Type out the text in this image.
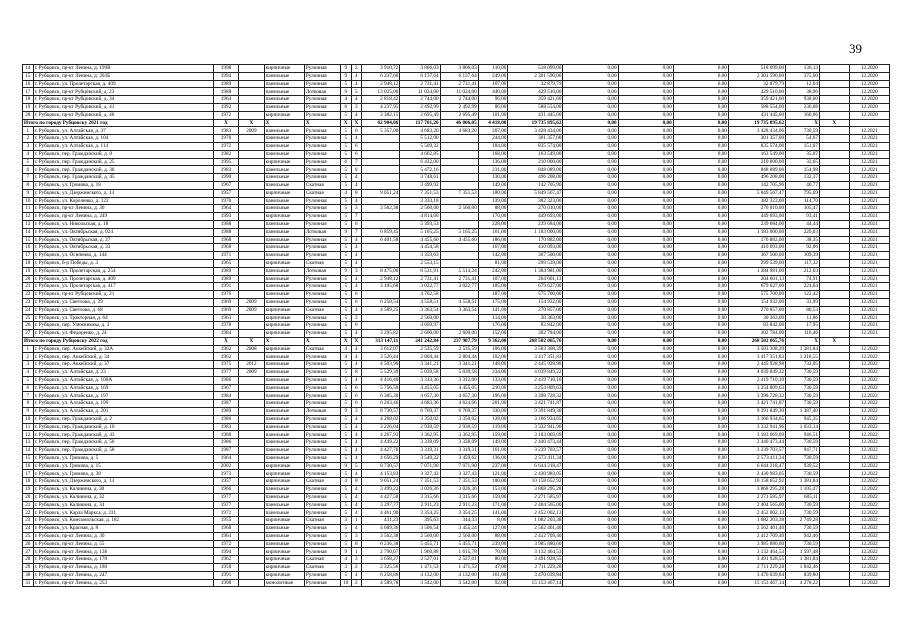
39
14	г. Рубцовск, пр-кт Ленина, д. 199В	1998		кирпичные	Рулонная	9	2	3 910,72	3 806,03	3 806,03	110,00	518 099,00	0,00	0,00	0,00	518 099,00	136,13		12.2020
15	г. Рубцовск, пр-кт Ленина, д. 203Б	1994		панельные	Рулонная	9	4	6 237,60	6 137,64	6 137,64	249,00	2 301 590,00	0,00	0,00	0,00	2 301 590,00	375,00		12.2020
16	г. Рубцовск, ул. Пролетарская, д. 409	1989		панельные	Рулонная	5	4	2 948,12	2 731,41	2 731,41	107,00	32 879,79	0,00	0,00	0,00	32 879,79	12,04		12.2020
17	г. Рубцовск, пр-кт Рубцовский, д. 23	1988		панельные	Лотковая	9	5	13 025,00	11 024,00	11 024,00	440,00	429 510,00	0,00	0,00	0,00	429 510,00	38,96		12.2020
18	г. Рубцовск, пр-кт Рубцовский, д. 34	1964		панельные	Рулонная	4	4	2 818,42	2 744,00	2 744,00	96,00	359 421,60	0,00	0,00	0,00	359 421,60	938,00		12.2020
19	г. Рубцовск, пр-кт Рубцовский, д. 41	1992		панельные	Рулонная	6	3	4 237,95	2 492,99	2 492,99	86,00	588 554,00	0,00	0,00	0,00	588 554,00	236,08		12.2020
20	г. Рубцовск, пр-кт Рубцовский, д. 46	1972		кирпичные	Рулонная	5	4	3 382,15	2 695,49	2 695,49	101,00	431 445,00	0,00	0,00	0,00	431 445,00	160,06		12.2020
Итого по городу Рубцовску 2021 год		X	X	X	X	X	X	62 904,06	117 701,20	46 006,05	4 418,00	19 735 895,62	0,00	0,00	0,00	19 735 895,62	X	X	
1	г. Рубцовск, ул. Алтайская, д. 37	1983	2009	панельные	Рулонная	5	6	5 357,00	4 683,20	4 683,20	207,00	3 428 434,06	0,00	0,00	0,00	3 428 434,06	730,59		12.2021
2	г. Рубцовск, ул. Алтайская, д. 104	1970		панельные	Рулонная	5	4		5 512,00		244,00	301 357,00	0,00	0,00	0,00	301 357,00	54,67		12.2021
3	г. Рубцовск, ул. Алтайская, д. 114	1972		панельные	Рулонная	5	6		5 509,32		184,00	835 574,00	0,00	0,00	0,00	835 574,00	151,67		12.2021
4	г. Рубцовск, пер. Гражданский, д. 8	1982		панельные	Рулонная	5	6		4 662,85		168,00	163 549,00	0,00	0,00	0,00	163 549,00	35,07		12.2021
5	г. Рубцовск, пер. Гражданский, д. 25	1995		кирпичные	Рулонная	6	7		6 432,00		136,00	210 000,00	0,00	0,00	0,00	210 000,00	32,65		12.2021
6	г. Рубцовск, пер. Гражданский, д. 36	1983		панельные	Рулонная	5	8		5 472,16		231,00	848 089,00	0,00	0,00	0,00	848 089,00	154,98		12.2021
7	г. Рубцовск, пер. Гражданский, д. 45	1990		панельные	Рулонная	5	4		3 748,61		130,00	496 208,00	0,00	0,00	0,00	496 208,00	132,37		12.2021
8	г. Рубцовск, ул. Громова, д. 18	1967		панельные	Скатная	5	4		3 499,92		149,00	142 705,96	0,00	0,00	0,00	142 705,96	40,77		12.2021
9	г. Рубцовск, ул. Дзержинского, д. 13	1957		кирпичные	Скатная	4	8	9 051,24	7 351,53	7 351,53	180,00	5 849 567,47	0,00	0,00	0,00	5 849 567,47	795,69		12.2021
10	г. Рубцовск, ул. Короленко, д. 122	1976		панельные	Рулонная	5	4		3 333,18		139,00	382 323,00	0,00	0,00	0,00	382 323,00	114,70		12.2021
11	г. Рубцовск, пр-кт Ленина, д. 30	1964		панельные	Рулонная	5	3	3 562,38	2 560,00	2 560,00	88,00	270 010,00	0,00	0,00	0,00	270 010,00	105,47		12.2021
12	г. Рубцовск, пр-кт Ленина, д. 249	1993		кирпичные	Рулонная	5	7		4 814,00		170,00	449 693,00	0,00	0,00	0,00	449 693,00	93,41		12.2021
13	г. Рубцовск, ул. Никольская, д. 18	1988		панельные	Рулонная	5	6		5 393,53		228,00	239 684,00	0,00	0,00	0,00	239 684,00	44,44		12.2021
14	г. Рубцовск, ул. Октябрьская, д. 024	1988		панельные	Лотковая	9	7	6 859,45	5 165,25	5 165,25	161,00	1 183 000,00	0,00	0,00	0,00	1 183 000,00	229,03		12.2021
15	г. Рубцовск, ул. Октябрьская, д. 27	1968		панельные	Рулонная	5	4	6 401,58	4 455,60	4 455,60	186,00	170 882,00	0,00	0,00	0,00	170 882,00	38,35		12.2021
16	г. Рубцовск, ул. Октябрьская, д. 33	1968		панельные	Рулонная	5	4		4 454,58		167,00	410 093,00	0,00	0,00	0,00	410 093,00	92,06		12.2021
17	г. Рубцовск, ул. Осипенко, д. 144	1971		панельные	Рулонная	5	4		3 359,63		142,00	367 500,00	0,00	0,00	0,00	367 500,00	109,39		12.2021
18	г. Рубцовск, б-р Победы, д. 3	1965		кирпичные	Скатная	5	4		2 553,15		81,00	299 539,00	0,00	0,00	0,00	299 539,00	117,32		12.2021
19	г. Рубцовск, ул. Пролетарская, д. 254	1989		панельные	Лотковая	9	3	8 475,00	6 531,91	5 514,24	242,00	1 384 981,00	0,00	0,00	0,00	1 384 981,00	212,03		12.2021
20	г. Рубцовск, ул. Пролетарская, д. 409	1989		панельные	Рулонная	5	4	2 948,12	2 731,41	2 731,41	107,00	204 601,13	0,00	0,00	0,00	204 601,13	74,91		12.2021
21	г. Рубцовск, ул. Пролетарская, д. 417	1991		панельные	Рулонная	5	4	3 105,68	3 022,77	3 022,77	105,00	679 627,00	0,00	0,00	0,00	679 627,00	224,84		12.2021
22	г. Рубцовск, пр-кт Рубцовский, д. 21	1976		панельные	Рулонная	5	6		4 702,58		187,00	575 700,00	0,00	0,00	0,00	575 700,00	122,42		12.2021
23	г. Рубцовск, ул. Светлова, д. 29	1969	2009	панельные	Рулонная	5	6	6 258,54	4 558,51	4 558,51	175,00	154 932,00	0,00	0,00	0,00	154 932,00	33,99		12.2021
24	г. Рубцовск, ул. Светлова, д. 68	1969	2009	кирпичные	Скатная	5	4	4 589,25	3 363,54	3 363,54	141,00	270 857,00	0,00	0,00	0,00	270 857,00	80,53		12.2021
25	г. Рубцовск, ул. Тракторная, д. 64	1963		кирпичные	Рулонная	5	3		2 560,00		114,00	30 363,00	0,00	0,00	0,00	30 363,00	11,86		12.2021
26	г. Рубцовск, пер. Улежникова, д. 3	1978		кирпичные	Рулонная	5	6		4 669,97		176,00	83 842,00	0,00	0,00	0,00	83 842,00	17,95		12.2021
27	г. Рубцовск, ул. Федоренко, д. 24	1984		кирпичные	Рулонная	5	4	3 295,82	2 600,00	2 600,00	152,00	302 784,00	0,00	0,00	0,00	302 784,00	116,46		12.2021
Итого по городу Рубцовску 2022 год		X	X	X	X	X	X	313 147,11	241 242,84	237 907,79	9 362,00	268 502 065,76	0,00	0,00	0,00	268 502 065,76	X	X	
1	г. Рубцовск, пер. Аккейский, д. 32А	1962	2008	кирпичные	Скатная	4	4	3 612,07	2 535,59	2 535,59	106,00	3 503 308,39	0,00	0,00	0,00	3 503 308,39	1 381,84		12.2022
2	г. Рубцовск, пер. Аккейский, д. 34	1962		панельные	Рулонная	4	4	3 526,44	2 804,44	2 804,44	102,00	3 417 351,83	0,00	0,00	0,00	3 417 351,83	1 218,55		12.2022
3	г. Рубцовск, пер. Аккейский, д. 37	1975	2012	панельные	Рулонная	5	4	4 503,90	3 341,21	3 341,21	148,00	2 445 928,98	0,00	0,00	0,00	2 445 928,98	732,05		12.2022
4	г. Рубцовск, ул. Алтайская, д. 23	1977	2009	панельные	Рулонная	5	8	5 529,39	5 039,58	5 039,58	234,00	4 039 849,22	0,00	0,00	0,00	4 039 849,22	730,59		12.2022
5	г. Рубцовск, ул. Алтайская, д. 100А	1986		панельные	Рулонная	5	4	4 416,40	3 313,36	3 312,00	133,00	2 419 710,10	0,00	0,00	0,00	2 419 710,10	730,59		12.2022
6	г. Рубцовск, ул. Алтайская, д. 169	1967		панельные	Рулонная	5	6	5 756,50	4 455,05	4 455,05	210,00	3 254 809,63	0,00	0,00	0,00	3 254 809,63	730,59		12.2022
7	г. Рубцовск, ул. Алтайская, д. 197	1984		панельные	Рулонная	5	6	6 305,30	4 657,30	4 657,30	196,00	3 398 728,32	0,00	0,00	0,00	3 398 728,32	730,59		12.2022
8	г. Рубцовск, ул. Алтайская, д. 199	1987		панельные	Рулонная	5	6	6 263,46	4 683,36	4 624,06	201,00	3 421 741,87	0,00	0,00	0,00	3 421 741,87	730,59		12.2022
9	г. Рубцовск, ул. Алтайская, д. 201	1989		панельные	Лотковая	9	3	8 730,57	6 769,37	6 769,37	330,00	9 391 849,30	0,00	0,00	0,00	9 391 849,30	1 387,40		12.2022
10	г. Рубцовск, пер. Гражданский, д. 2	1986		панельные	Рулонная	5	4	4 268,02	3 350,02	3 350,02	128,00	3 166 934,65	0,00	0,00	0,00	3 166 934,65	945,35		12.2022
11	г. Рубцовск, пер. Гражданский, д. 10	1983		панельные	Рулонная	5	4	3 226,04	2 930,59	2 930,59	119,00	3 332 941,96	0,00	0,00	0,00	3 332 941,96	1 033,14		12.2022
12	г. Рубцовск, пер. Гражданский, д. 43	1988		панельные	Рулонная	5	4	4 267,93	3 362,95	3 362,95	159,00	3 183 069,09	0,00	0,00	0,00	3 183 069,09	946,51		12.2022
13	г. Рубцовск, пер. Гражданский, д. 56	1986		панельные	Рулонная	5	4	4 449,22	3 338,09	3 338,09	149,00	2 440 473,44	0,00	0,00	0,00	2 440 473,44	730,59		12.2022
14	г. Рубцовск, пер. Гражданский, д. 58	1987		панельные	Рулонная	5	4	4 427,76	3 319,31	3 319,31	161,00	3 239 703,57	0,00	0,00	0,00	3 239 703,57	947,71		12.2022
15	г. Рубцовск, ул. Громова, д. 5	1964		панельные	Рулонная	5	4	4 656,29	3 540,22	3 459,62	136,00	2 573 411,34	0,00	0,00	0,00	2 573 411,34	730,59		12.2022
16	г. Рубцовск, ул. Громова, д. 15	2002		кирпичные	Рулонная	9	5	8 730,57	7 071,90	7 071,90	237,00	6 644 218,47	0,00	0,00	0,00	6 644 218,47	939,52		12.2022
17	г. Рубцовск, ул. Громова, д. 38	1973		кирпичные	Рулонная	5	4	4 153,83	3 327,43	3 327,43	121,00	2 430 983,05	0,00	0,00	0,00	2 430 983,05	730,59		12.2022
18	г. Рубцовск, ул. Дзержинского, д. 13	1957		кирпичные	Скатная	4	8	9 051,24	7 351,53	7 351,53	180,00	10 158 652,92	0,00	0,00	0,00	10 158 652,92	1 381,84		12.2022
19	г. Рубцовск, ул. Калинина, д. 30	1966		панельные	Рулонная	5	4	3 499,22	3 026,36	3 026,36	153,00	3 868 295,28	0,00	0,00	0,00	3 868 295,28	1 105,47		12.2022
20	г. Рубцовск, ул. Калинина, д. 32	1977		панельные	Рулонная	5	4	4 427,58	3 315,66	3 315,66	159,00	2 271 585,97	0,00	0,00	0,00	2 271 585,97	685,11		12.2022
21	г. Рубцовск, ул. Калинина, д. 34	1977		панельные	Рулонная	5	4	3 297,77	2 911,23	2 911,23	171,00	2 404 565,00	0,00	0,00	0,00	2 404 565,00	730,59		12.2022
22	г. Рубцовск, ул. Карла Маркса, д. 231	1971		панельные	Рулонная	5	4	4 461,90	3 354,25	3 354,25	141,00	2 452 002,13	0,00	0,00	0,00	2 452 002,13	730,59		12.2022
23	г. Рубцовск, ул. Комсомольская, д. 182	1955		кирпичные	Скатная	3	1	431,23	395,63	344,33	8,00	1 082 203,38	0,00	0,00	0,00	1 082 203,38	2 749,28		12.2022
24	г. Рубцовск, ул. Красная, д. 8	1968		панельные	Рулонная	5	4	4 609,36	3 506,54	3 455,24	127,00	2 562 401,40	0,00	0,00	0,00	2 562 401,40	730,59		12.2022
25	г. Рубцовск, пр-кт Ленина, д. 30	1964		панельные	Рулонная	5	3	3 562,38	2 560,00	2 560,00	88,00	2 412 709,40	0,00	0,00	0,00	2 412 709,40	942,46		12.2022
26	г. Рубцовск, пр-кт Ленина, д. 55	1972		панельные	Рулонная	5	8	6 236,38	5 455,71	5 455,71	239,00	3 985 880,60	0,00	0,00	0,00	3 985 880,60	730,59		12.2022
27	г. Рубцовск, пр-кт Ленина, д. 138	1994		кирпичные	Рулонная	9	1	2 790,07	1 960,88	1 615,78	70,00	3 132 464,53	0,00	0,00	0,00	3 132 464,53	1 597,48		12.2022
28	г. Рубцовск, пр-кт Ленина, д. 170	1962		кирпичные	Скатная	4	3	3 658,27	2 527,01	2 527,01	80,00	3 491 928,55	0,00	0,00	0,00	3 491 928,55	1 381,84		12.2022
29	г. Рубцовск, пр-кт Ленина, д. 180	1958		кирпичные	Скатная	3	2	2 325,56	1 471,53	1 471,53	47,00	2 711 229,28	0,00	0,00	0,00	2 711 229,28	1 842,46		12.2022
30	г. Рубцовск, пр-кт Ленина, д. 247	1991		кирпичные	Рулонная	5	4	6 258,86	4 132,00	4 132,00	161,00	3 470 039,84	0,00	0,00	0,00	3 470 039,84	839,80		12.2022
31	г. Рубцовск, пр-кт Ленина, д. 253	1998		монолитные	Рулонная	10	2	4 589,78	3 542,00	3 542,00	92,00	15 153 467,14	0,00	0,00	0,00	15 153 467,14	4 278,22		12.2022
